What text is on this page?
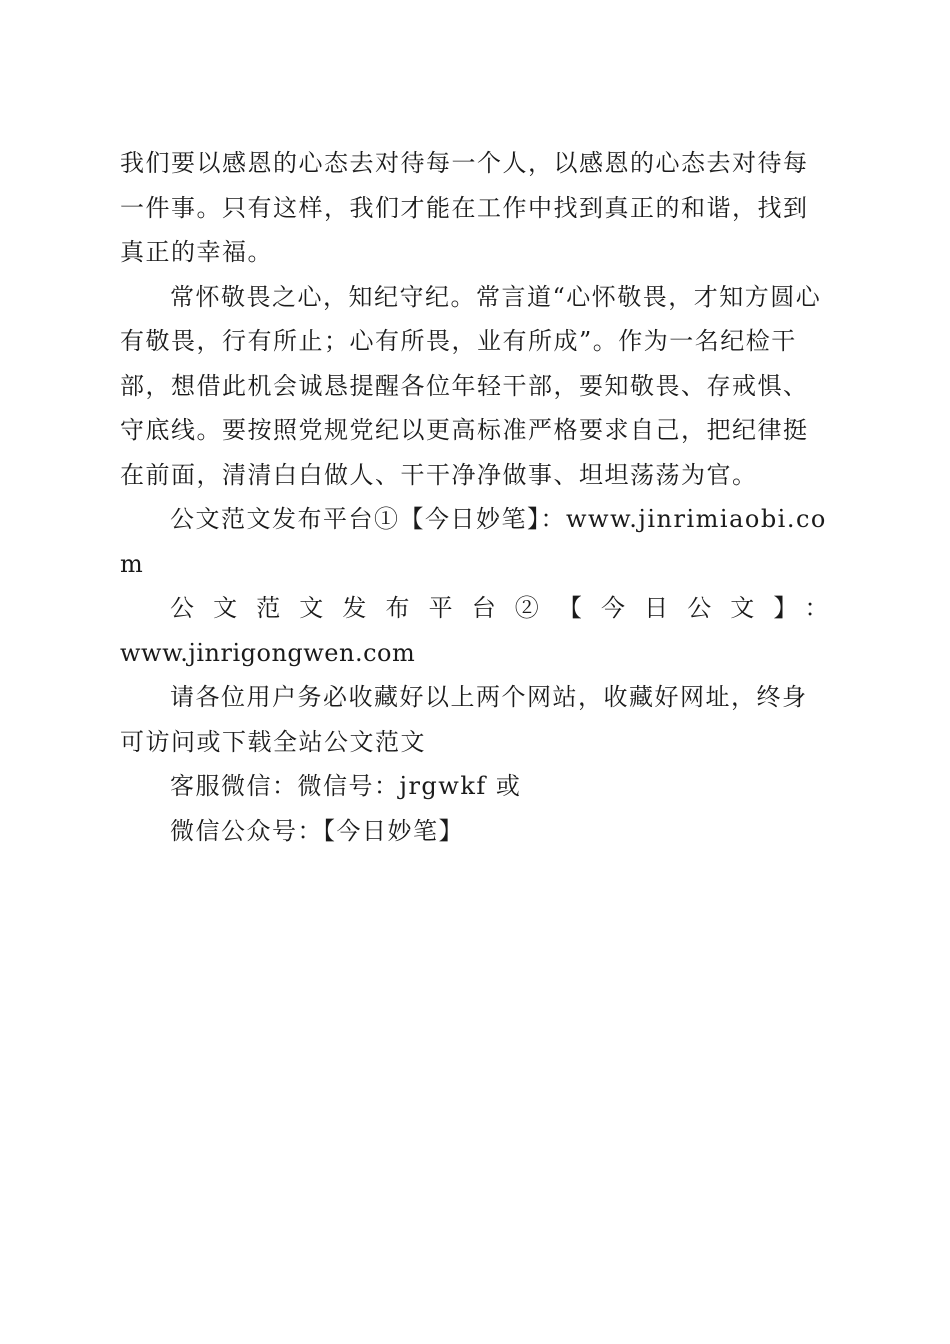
我们要以感恩的心态去对待每一个人，以感恩的心态去对待每一件事。只有这样，我们才能在工作中找到真正的和谐，找到真正的幸福。

常怀敬畏之心，知纪守纪。常言道“心怀敬畏，才知方圆心有敬畏，行有所止；心有所畏，业有所成”。作为一名纪检干部，想借此机会诚恳提醒各位年轻干部，要知敬畏、存戒惧、守底线。要按照党规党纪以更高标准严格要求自己，把纪律挺在前面，清清白白做人、干干净净做事、坦坦荡荡为官。

公文范文发布平台①【今日妙笔】：www.jinrimiaobi.com

公文范文发布平台②【今日公文】：

www.jinrigongwen.com

请各位用户务必收藏好以上两个网站，收藏好网址，终身可访问或下载全站公文范文

客服微信：微信号：jrgwkf 或

微信公众号：【今日妙笔】
